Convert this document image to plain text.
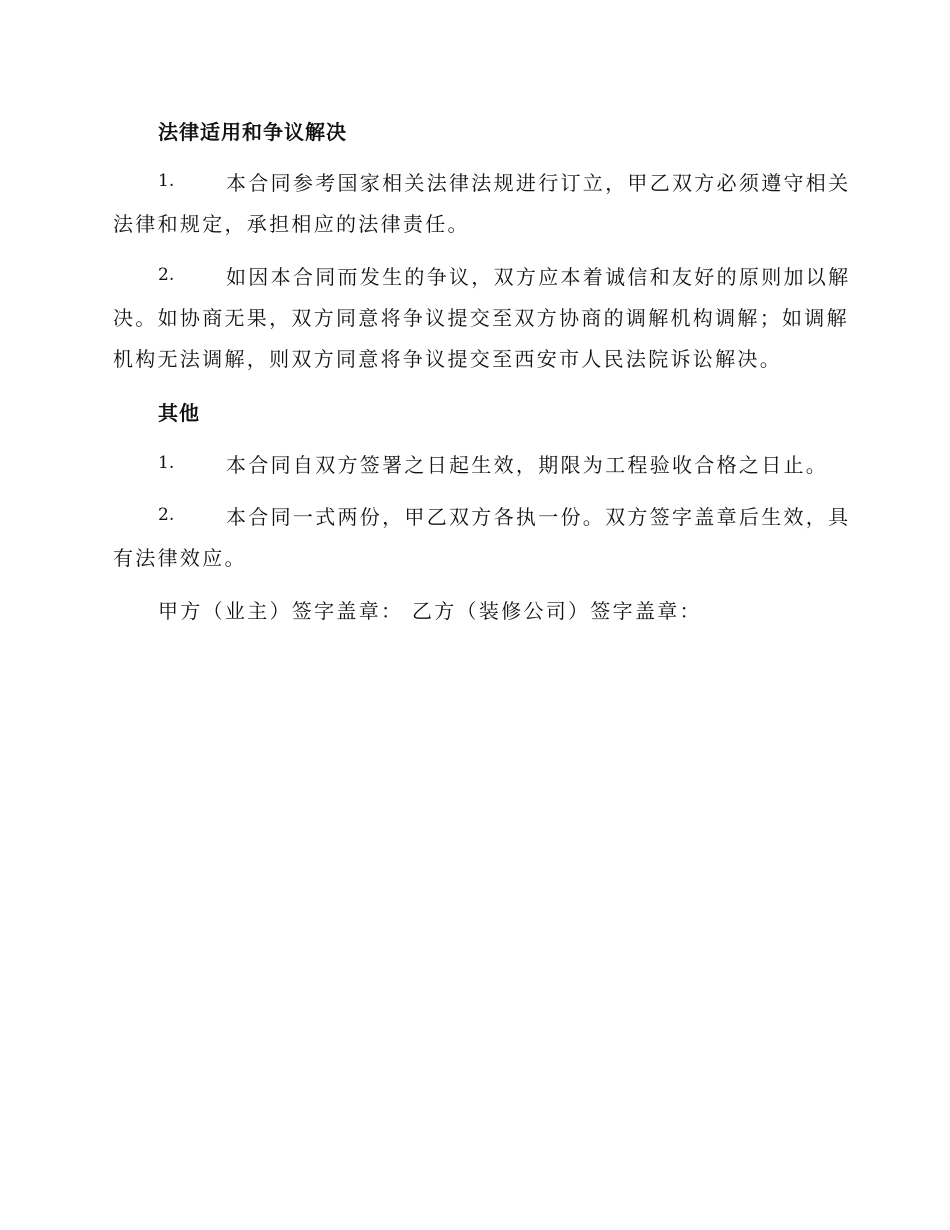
法律适用和争议解决
1.	本合同参考国家相关法律法规进行订立，甲乙双方必须遵守相关
法律和规定，承担相应的法律责任。
2.	如因本合同而发生的争议，双方应本着诚信和友好的原则加以解
决。如协商无果，双方同意将争议提交至双方协商的调解机构调解；如调解
机构无法调解，则双方同意将争议提交至西安市人民法院诉讼解决。
其他
1.	本合同自双方签署之日起生效，期限为工程验收合格之日止。
2.	本合同一式两份，甲乙双方各执一份。双方签字盖章后生效，具
有法律效应。
甲方（业主）签字盖章： 乙方（装修公司）签字盖章：
